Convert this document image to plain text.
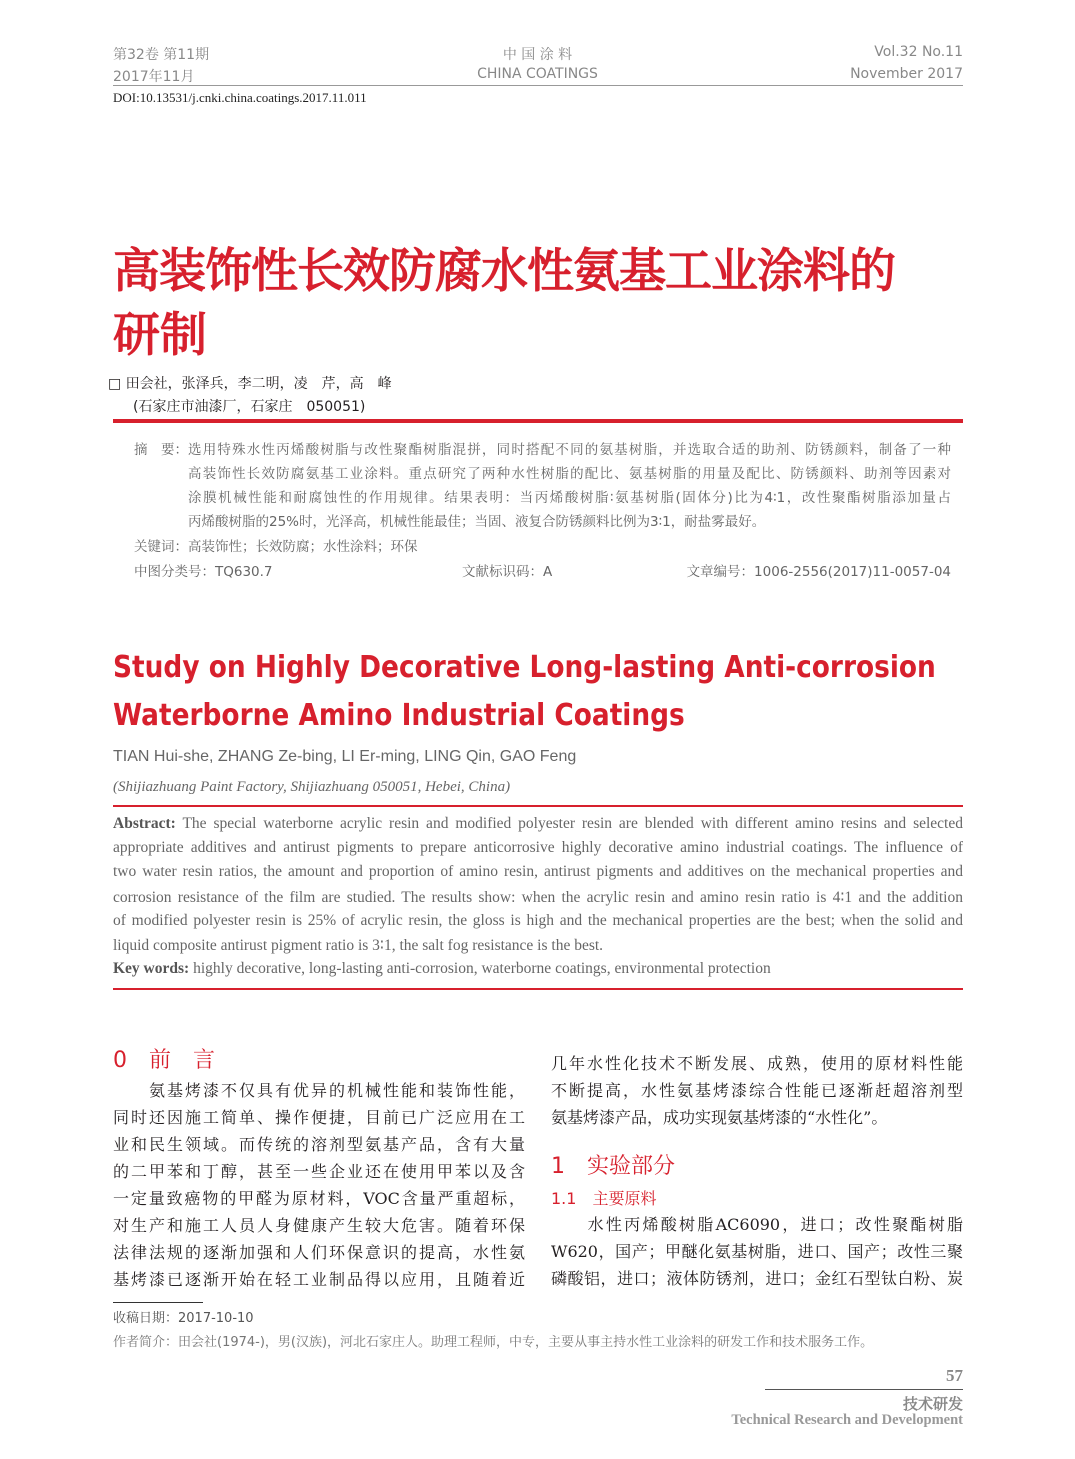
第32卷 第11期
2017年11月
中 国 涂 料
CHINA COATINGS
Vol.32 No.11
November 2017
DOI:10.13531/j.cnki.china.coatings.2017.11.011
高装饰性长效防腐水性氨基工业涂料的
研制
□ 田会社，张泽兵，李二明，凌　芹，高　峰
(石家庄市油漆厂，石家庄　050051)
摘　要： 选用特殊水性丙烯酸树脂与改性聚酯树脂混拼，同时搭配不同的氨基树脂，并选取合适的助剂、防锈颜料，制备了一种
高装饰性长效防腐氨基工业涂料。重点研究了两种水性树脂的配比、氨基树脂的用量及配比、防锈颜料、助剂等因素对
涂膜机械性能和耐腐蚀性的作用规律。结果表明：当丙烯酸树脂∶氨基树脂(固体分)比为4∶1，改性聚酯树脂添加量占
丙烯酸树脂的25%时，光泽高，机械性能最佳；当固、液复合防锈颜料比例为3∶1，耐盐雾最好。
关键词：高装饰性；长效防腐；水性涂料；环保
中图分类号：TQ630.7	文献标识码：A	文章编号：1006-2556(2017)11-0057-04
Study on Highly Decorative Long-lasting Anti-corrosion
Waterborne Amino Industrial Coatings
TIAN Hui-she, ZHANG Ze-bing, LI Er-ming, LING Qin, GAO Feng
(Shijiazhuang Paint Factory, Shijiazhuang 050051, Hebei, China)
Abstract: The special waterborne acrylic resin and modified polyester resin are blended with different amino resins and selected
appropriate additives and antirust pigments to prepare anticorrosive highly decorative amino industrial coatings. The influence of
two water resin ratios, the amount and proportion of amino resin, antirust pigments and additives on the mechanical properties and
corrosion resistance of the film are studied. The results show: when the acrylic resin and amino resin ratio is 4∶1 and the addition
of modified polyester resin is 25% of acrylic resin, the gloss is high and the mechanical properties are the best; when the solid and
liquid composite antirust pigment ratio is 3∶1, the salt fog resistance is the best.
Key words: highly decorative, long-lasting anti-corrosion, waterborne coatings, environmental protection
0　前　言
　　氨基烤漆不仅具有优异的机械性能和装饰性能，
同时还因施工简单、操作便捷，目前已广泛应用在工
业和民生领域。而传统的溶剂型氨基产品，含有大量
的二甲苯和丁醇，甚至一些企业还在使用甲苯以及含
一定量致癌物的甲醛为原材料，VOC含量严重超标，
对生产和施工人员人身健康产生较大危害。随着环保
法律法规的逐渐加强和人们环保意识的提高，水性氨
基烤漆已逐渐开始在轻工业制品得以应用，且随着近
几年水性化技术不断发展、成熟，使用的原材料性能
不断提高，水性氨基烤漆综合性能已逐渐赶超溶剂型
氨基烤漆产品，成功实现氨基烤漆的“水性化”。
1　实验部分
1.1　主要原料
　　水性丙烯酸树脂AC6090，进口；改性聚酯树脂
W620，国产；甲醚化氨基树脂，进口、国产；改性三聚
磷酸铝，进口；液体防锈剂，进口；金红石型钛白粉、炭
收稿日期：2017-10-10
作者简介：田会社(1974-)，男(汉族)，河北石家庄人。助理工程师，中专，主要从事主持水性工业涂料的研发工作和技术服务工作。
57
技术研发
Technical Research and Development
